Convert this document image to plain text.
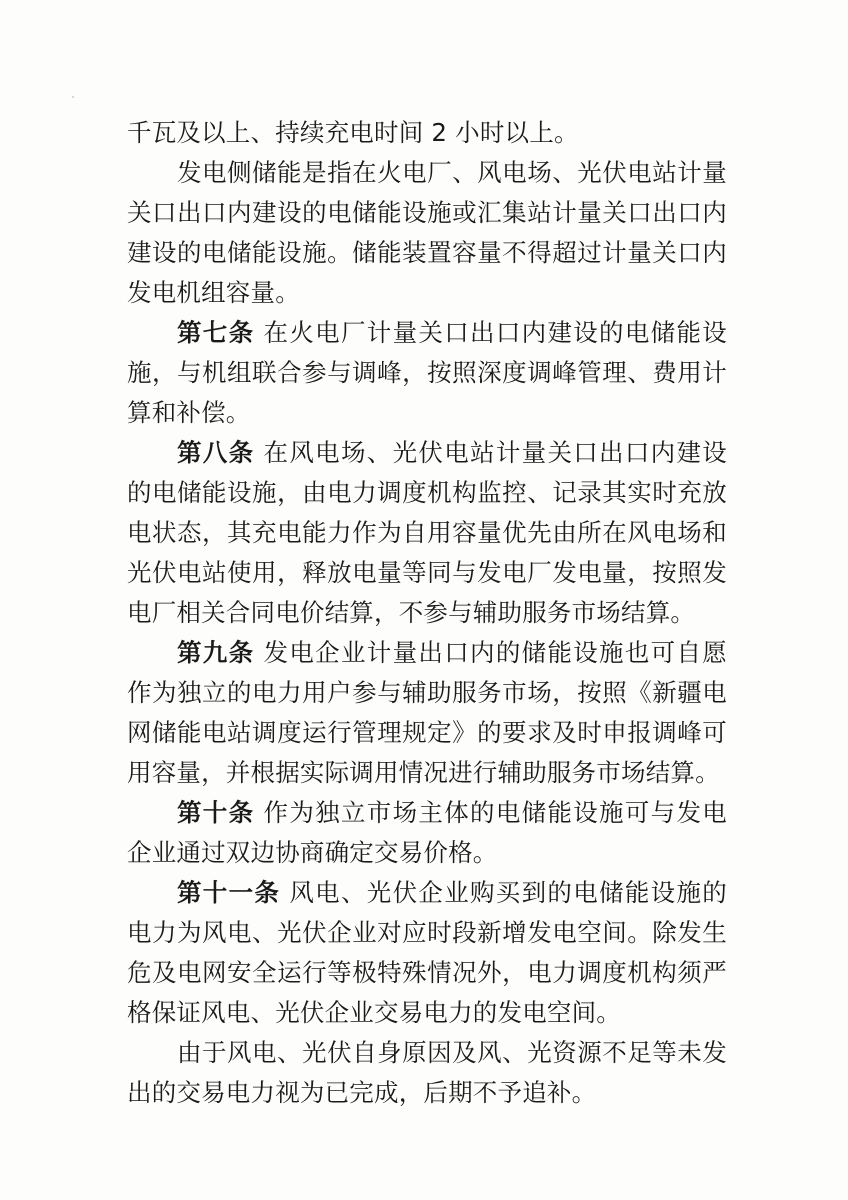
千瓦及以上、持续充电时间 2 小时以上。

发电侧储能是指在火电厂、风电场、光伏电站计量关口出口内建设的电储能设施或汇集站计量关口出口内建设的电储能设施。储能装置容量不得超过计量关口内发电机组容量。

第七条 在火电厂计量关口出口内建设的电储能设施，与机组联合参与调峰，按照深度调峰管理、费用计算和补偿。

第八条 在风电场、光伏电站计量关口出口内建设的电储能设施，由电力调度机构监控、记录其实时充放电状态，其充电能力作为自用容量优先由所在风电场和光伏电站使用，释放电量等同与发电厂发电量，按照发电厂相关合同电价结算，不参与辅助服务市场结算。

第九条 发电企业计量出口内的储能设施也可自愿作为独立的电力用户参与辅助服务市场，按照《新疆电网储能电站调度运行管理规定》的要求及时申报调峰可用容量，并根据实际调用情况进行辅助服务市场结算。

第十条 作为独立市场主体的电储能设施可与发电企业通过双边协商确定交易价格。

第十一条 风电、光伏企业购买到的电储能设施的电力为风电、光伏企业对应时段新增发电空间。除发生危及电网安全运行等极特殊情况外，电力调度机构须严格保证风电、光伏企业交易电力的发电空间。

由于风电、光伏自身原因及风、光资源不足等未发出的交易电力视为已完成，后期不予追补。
